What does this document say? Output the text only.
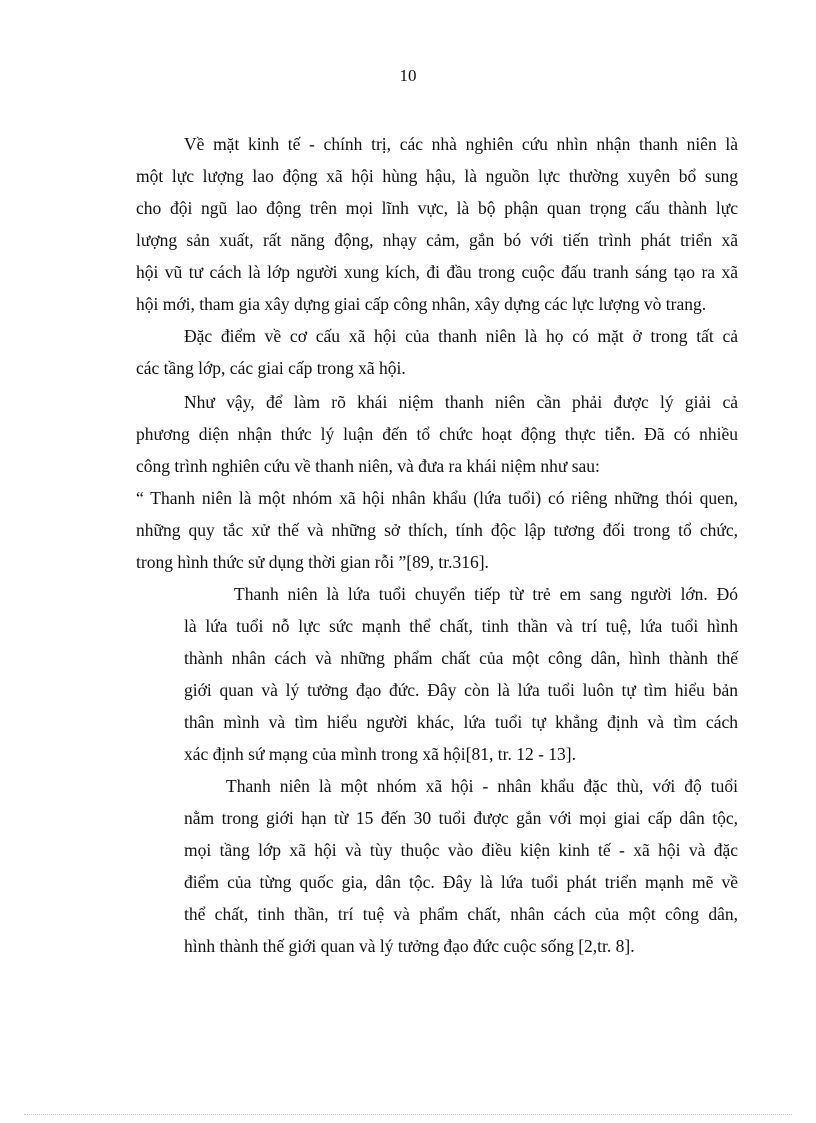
10
Về mặt kinh tế - chính trị, các nhà nghiên cứu nhìn nhận thanh niên là
một lực lượng lao động xã hội hùng hậu, là nguồn lực thường xuyên bổ sung
cho đội ngũ lao động trên mọi lĩnh vực, là bộ phận quan trọng cấu thành lực
lượng sản xuất, rất năng động, nhạy cảm, gắn bó với tiến trình phát triển xã
hội vũ tư cách là lớp người xung kích, đi đầu trong cuộc đấu tranh sáng tạo ra xã
hội mới, tham gia xây dựng giai cấp công nhân, xây dựng các lực lượng vò trang.
Đặc điểm về cơ cấu xã hội của thanh niên là họ có mặt ở trong tất cả
các tầng lớp, các giai cấp trong xã hội.
Như vậy, để làm rõ khái niệm thanh niên cần phải được lý giải cả
phương diện nhận thức lý luận đến tổ chức hoạt động thực tiễn. Đã có nhiều
công trình nghiên cứu về thanh niên, và đưa ra khái niệm như sau:
“ Thanh niên là một nhóm xã hội nhân khẩu (lứa tuổi) có riêng những thói quen,
những quy tắc xử thế và những sở thích, tính độc lập tương đối trong tổ chức,
trong hình thức sử dụng thời gian rỗi ”[89, tr.316].
Thanh niên là lứa tuổi chuyển tiếp từ trẻ em sang người lớn. Đó
là lứa tuổi nỗ lực sức mạnh thể chất, tinh thần và trí tuệ, lứa tuổi hình
thành nhân cách và những phẩm chất của một công dân, hình thành thế
giới quan và lý tưởng đạo đức. Đây còn là lứa tuổi luôn tự tìm hiểu bản
thân mình và tìm hiểu người khác, lứa tuổi tự khẳng định và tìm cách
xác định sứ mạng của mình trong xã hội[81, tr. 12 - 13].
Thanh niên là một nhóm xã hội - nhân khẩu đặc thù, với độ tuổi
nằm trong giới hạn từ 15 đến 30 tuổi được gắn với mọi giai cấp dân tộc,
mọi tầng lớp xã hội và tùy thuộc vào điều kiện kinh tế - xã hội và đặc
điểm của từng quốc gia, dân tộc. Đây là lứa tuổi phát triển mạnh mẽ về
thể chất, tinh thần, trí tuệ và phẩm chất, nhân cách của một công dân,
hình thành thế giới quan và lý tưởng đạo đức cuộc sống [2,tr. 8].
